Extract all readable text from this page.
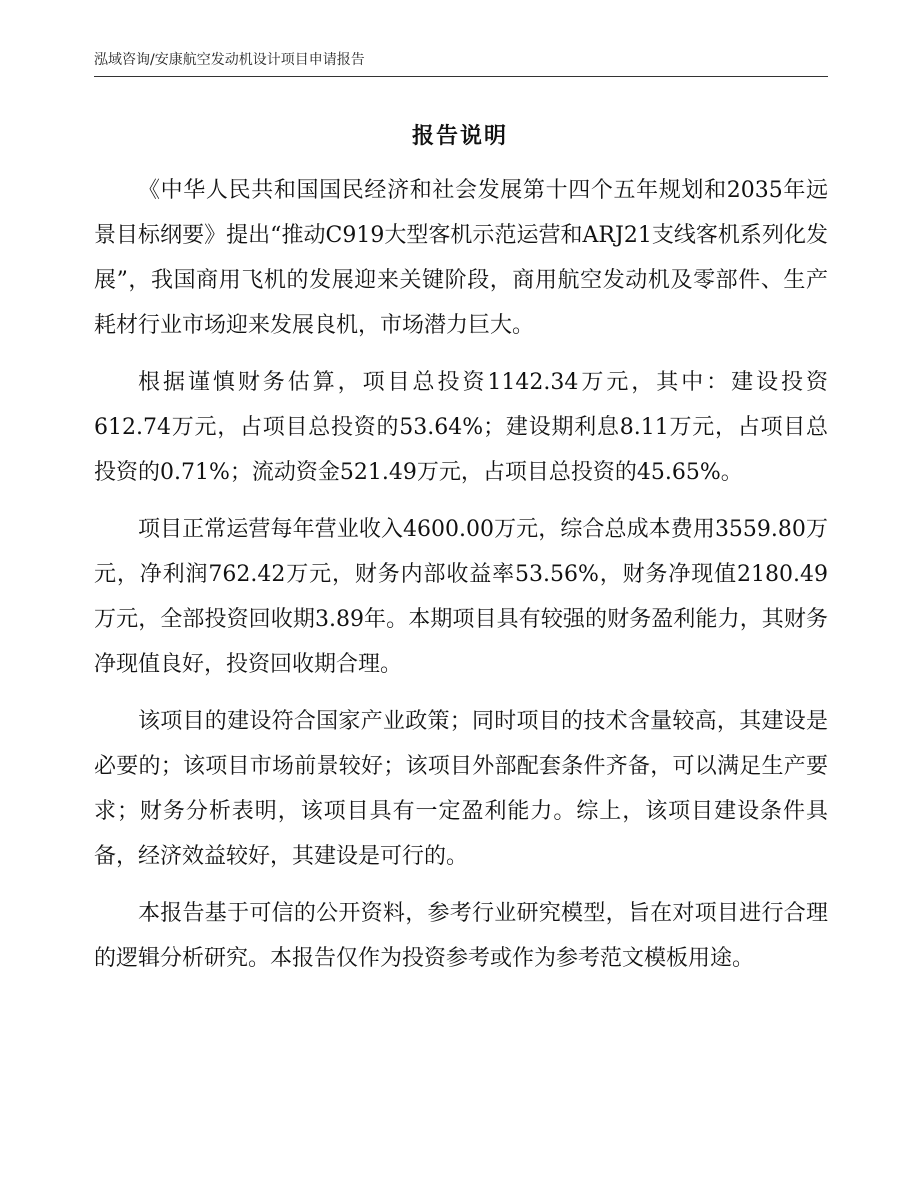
泓域咨询/安康航空发动机设计项目申请报告
报告说明

《中华人民共和国国民经济和社会发展第十四个五年规划和2035年远景目标纲要》提出“推动C919大型客机示范运营和ARJ21支线客机系列化发展”，我国商用飞机的发展迎来关键阶段，商用航空发动机及零部件、生产耗材行业市场迎来发展良机，市场潜力巨大。

根据谨慎财务估算，项目总投资1142.34万元，其中：建设投资612.74万元，占项目总投资的53.64%；建设期利息8.11万元，占项目总投资的0.71%；流动资金521.49万元，占项目总投资的45.65%。

项目正常运营每年营业收入4600.00万元，综合总成本费用3559.80万元，净利润762.42万元，财务内部收益率53.56%，财务净现值2180.49万元，全部投资回收期3.89年。本期项目具有较强的财务盈利能力，其财务净现值良好，投资回收期合理。

该项目的建设符合国家产业政策；同时项目的技术含量较高，其建设是必要的；该项目市场前景较好；该项目外部配套条件齐备，可以满足生产要求；财务分析表明，该项目具有一定盈利能力。综上，该项目建设条件具备，经济效益较好，其建设是可行的。

本报告基于可信的公开资料，参考行业研究模型，旨在对项目进行合理的逻辑分析研究。本报告仅作为投资参考或作为参考范文模板用途。
